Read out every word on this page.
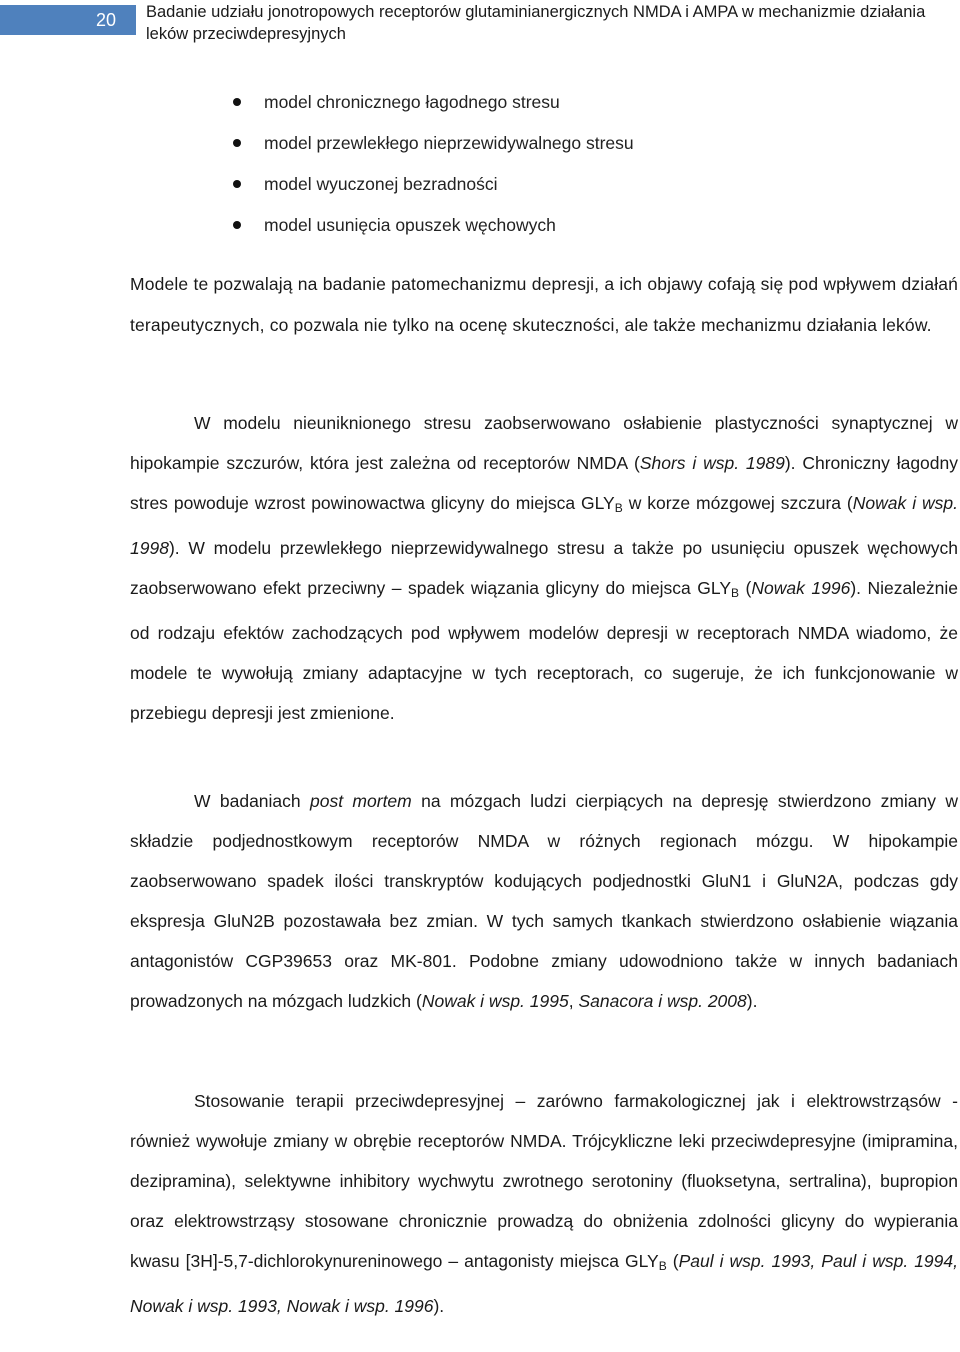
20	Badanie udziału jonotropowych receptorów glutaminianergicznych NMDA i AMPA w mechanizmie działania leków przeciwdepresyjnych
model chronicznego łagodnego stresu
model przewlekłego nieprzewidywalnego stresu
model wyuczonej bezradności
model usunięcia opuszek węchowych

Modele te pozwalają na badanie patomechanizmu depresji, a ich objawy cofają się pod wpływem działań terapeutycznych, co pozwala nie tylko na ocenę skuteczności, ale także mechanizmu działania leków.

W modelu nieuniknionego stresu zaobserwowano osłabienie plastyczności synaptycznej w hipokampie szczurów, która jest zależna od receptorów NMDA (Shors i wsp. 1989). Chroniczny łagodny stres powoduje wzrost powinowactwa glicyny do miejsca $GLY_B$ w korze mózgowej szczura (Nowak i wsp. 1998). W modelu przewlekłego nieprzewidywalnego stresu a także po usunięciu opuszek węchowych zaobserwowano efekt przeciwny – spadek wiązania glicyny do miejsca $GLY_B$ (Nowak 1996). Niezależnie od rodzaju efektów zachodzących pod wpływem modelów depresji w receptorach NMDA wiadomo, że modele te wywołują zmiany adaptacyjne w tych receptorach, co sugeruje, że ich funkcjonowanie w przebiegu depresji jest zmienione.

W badaniach post mortem na mózgach ludzi cierpiących na depresję stwierdzono zmiany w składzie podjednostkowym receptorów NMDA w różnych regionach mózgu. W hipokampie zaobserwowano spadek ilości transkryptów kodujących podjednostki GluN1 i GluN2A, podczas gdy ekspresja GluN2B pozostawała bez zmian. W tych samych tkankach stwierdzono osłabienie wiązania antagonistów CGP39653 oraz MK-801. Podobne zmiany udowodniono także w innych badaniach prowadzonych na mózgach ludzkich (Nowak i wsp. 1995, Sanacora i wsp. 2008).

Stosowanie terapii przeciwdepresyjnej – zarówno farmakologicznej jak i elektrowstrząsów - również wywołuje zmiany w obrębie receptorów NMDA. Trójcykliczne leki przeciwdepresyjne (imipramina, dezipramina), selektywne inhibitory wychwytu zwrotnego serotoniny (fluoksetyna, sertralina), bupropion oraz elektrowstrząsy stosowane chronicznie prowadzą do obniżenia zdolności glicyny do wypierania kwasu [3H]-5,7-dichlorokynureninowego – antagonisty miejsca $GLY_B$ (Paul i wsp. 1993, Paul i wsp. 1994, Nowak i wsp. 1993, Nowak i wsp. 1996).
